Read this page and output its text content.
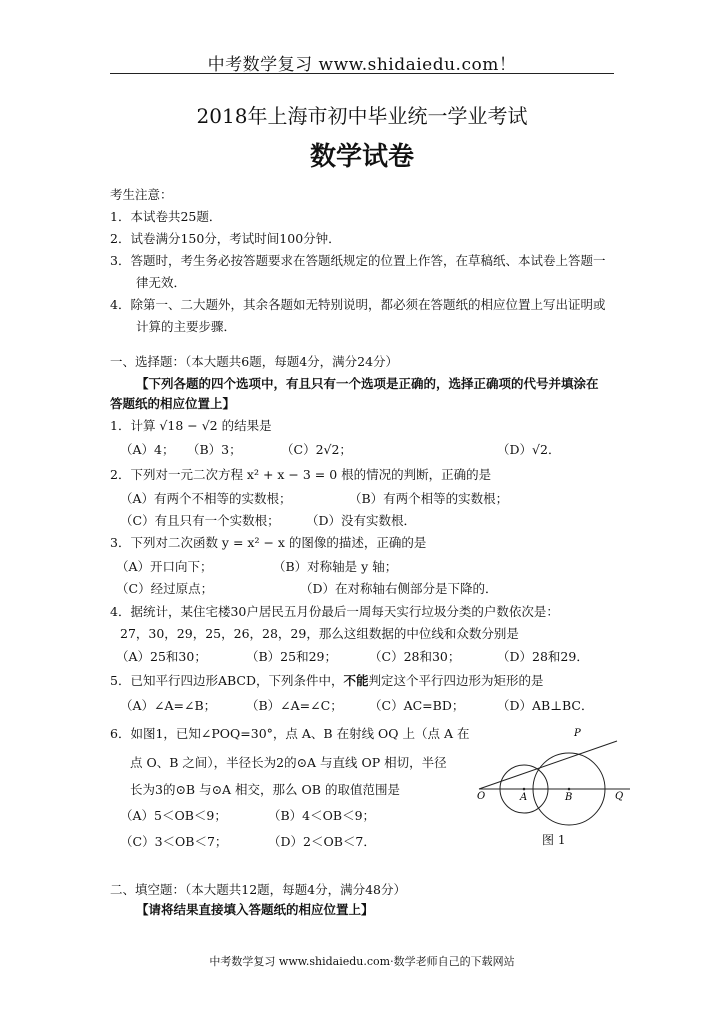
中考数学复习 www.shidaiedu.com！
2018年上海市初中毕业统一学业考试
数学试卷
考生注意：
1．本试卷共25题．
2．试卷满分150分，考试时间100分钟．
3．答题时，考生务必按答题要求在答题纸规定的位置上作答，在草稿纸、本试卷上答题一
律无效．
4．除第一、二大题外，其余各题如无特别说明，都必须在答题纸的相应位置上写出证明或
计算的主要步骤．
一、选择题：（本大题共6题，每题4分，满分24分）
【下列各题的四个选项中，有且只有一个选项是正确的，选择正确项的代号并填涂在
答题纸的相应位置上】
1．计算 √18 − √2 的结果是
（A）4； （B）3；	（C）2√2；	（D）√2．
2．下列对一元二次方程 x² + x − 3 = 0 根的情况的判断，正确的是
（A）有两个不相等的实数根；	（B）有两个相等的实数根；
（C）有且只有一个实数根； （D）没有实数根．
3．下列对二次函数 y = x² − x 的图像的描述，正确的是
（A）开口向下；	（B）对称轴是 y 轴；
（C）经过原点；	（D）在对称轴右侧部分是下降的．
4．据统计，某住宅楼30户居民五月份最后一周每天实行垃圾分类的户数依次是：
27，30，29，25，26，28，29，那么这组数据的中位线和众数分别是
（A）25和30；	（B）25和29；	（C）28和30；	（D）28和29．
5．已知平行四边形ABCD，下列条件中，不能判定这个平行四边形为矩形的是
（A）∠A=∠B； （B）∠A=∠C； （C）AC=BD；	（D）AB⊥BC．
6．如图1，已知∠POQ=30°，点 A、B 在射线 OQ 上（点 A 在
点 O、B 之间），半径长为2的⊙A 与直线 OP 相切，半径
长为3的⊙B 与⊙A 相交，那么 OB 的取值范围是
（A）5＜OB＜9；	（B）4＜OB＜9；
（C）3＜OB＜7；	（D）2＜OB＜7．
P
O	A	B	Q
图 1
二、填空题：（本大题共12题，每题4分，满分48分）
【请将结果直接填入答题纸的相应位置上】
中考数学复习 www.shidaiedu.com·数学老师自己的下载网站
